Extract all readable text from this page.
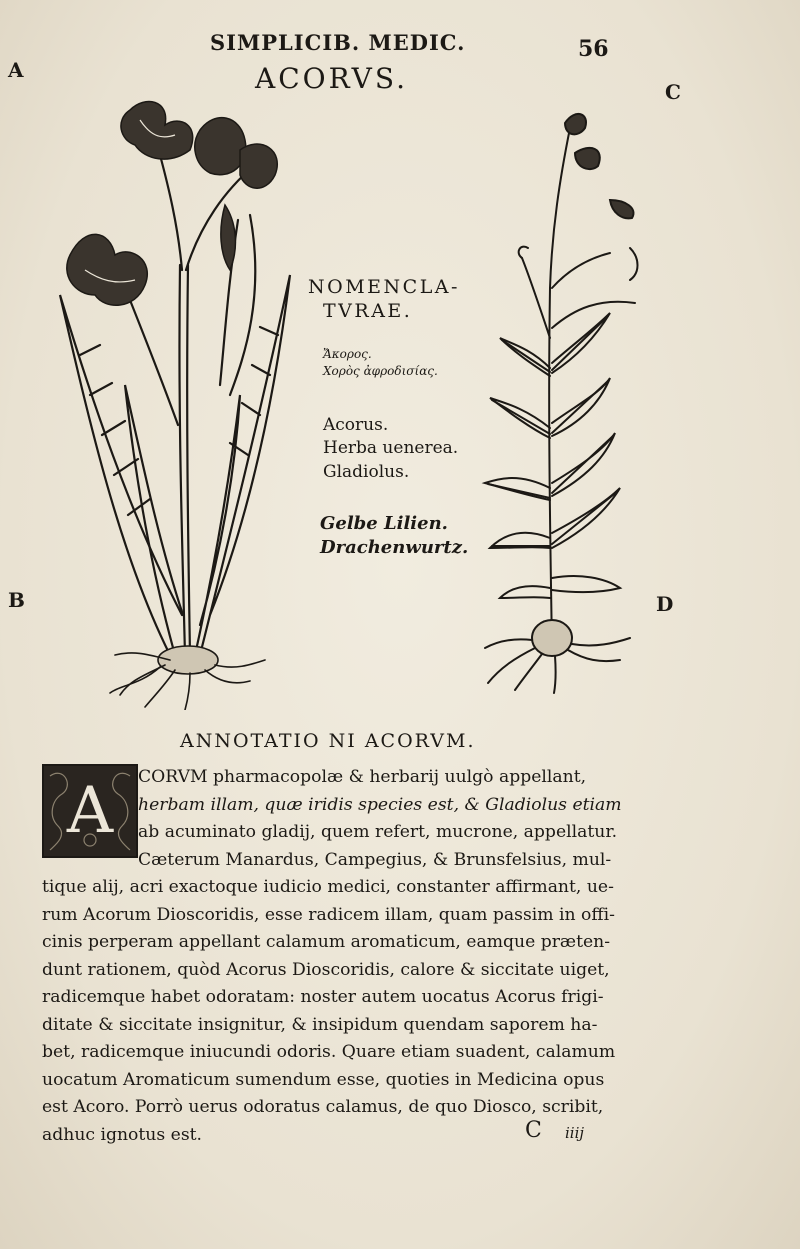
SIMPLICIB. MEDIC.	56
ACORVS.
A
C
B	D
NOMENCLA-
TVRAE.
Ἄκορος.
Χορὸς ἀφροδισίας.
Acorus.
Herba uenerea.
Gladiolus.
Gelbe Lilien.
Drachenwurtz.
ANNOTATIO NI ACORVM.
A	CORVM pharmacopolæ & herbarij uulgò appellant,
herbam illam, quæ iridis species est, & Gladiolus etiam
ab acuminato gladij, quem refert, mucrone, appellatur.
Cæterum Manardus, Campegius, & Brunsfelsius, mul-
tique alij, acri exactoque iudicio medici, constanter affirmant, ue-
rum Acorum Dioscoridis, esse radicem illam, quam passim in offi-
cinis perperam appellant calamum aromaticum, eamque præten-
dunt rationem, quòd Acorus Dioscoridis, calore & siccitate uiget,
radicemque habet odoratam: noster autem uocatus Acorus frigi-
ditate & siccitate insignitur, & insipidum quendam saporem ha-
bet, radicemque iniucundi odoris. Quare etiam suadent, calamum
uocatum Aromaticum sumendum esse, quoties in Medicina opus
est Acoro. Porrò uerus odoratus calamus, de quo Diosco, scribit,
adhuc ignotus est.	C iiij
